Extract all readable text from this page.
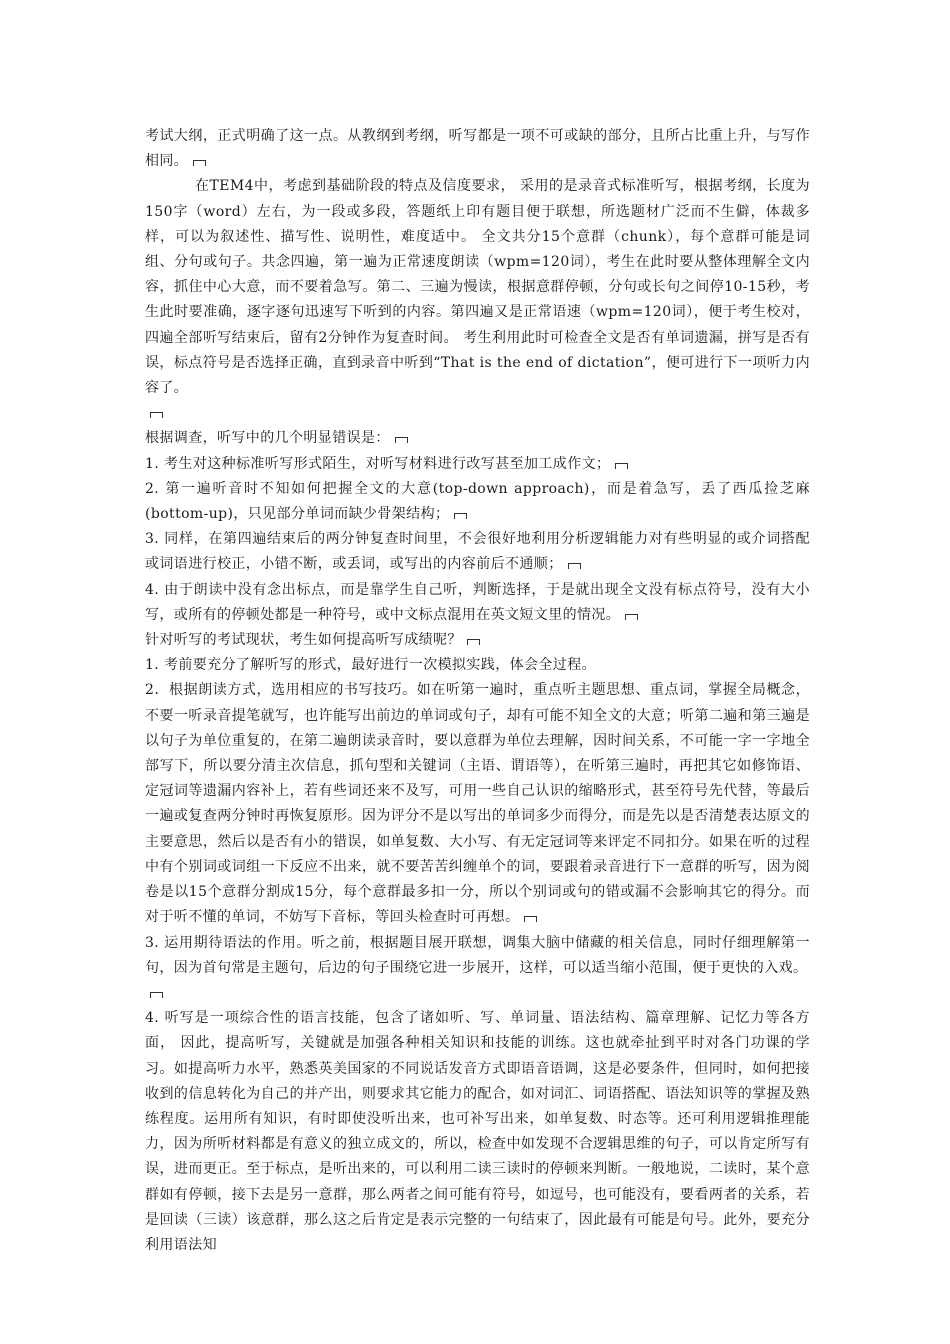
考试大纲，正式明确了这一点。从教纲到考纲，听写都是一项不可或缺的部分，且所占比重上升，与写作相同。

在TEM4中，考虑到基础阶段的特点及信度要求， 采用的是录音式标准听写，根据考纲，长度为150字（word）左右，为一段或多段，答题纸上印有题目便于联想，所选题材广泛而不生僻，体裁多样，可以为叙述性、描写性、说明性，难度适中。 全文共分15个意群（chunk），每个意群可能是词组、分句或句子。共念四遍，第一遍为正常速度朗读（wpm=120词），考生在此时要从整体理解全文内容，抓住中心大意，而不要着急写。第二、三遍为慢读，根据意群停顿，分句或长句之间停10-15秒，考生此时要准确，逐字逐句迅速写下听到的内容。第四遍又是正常语速（wpm=120词），便于考生校对，四遍全部听写结束后，留有2分钟作为复查时间。 考生利用此时可检查全文是否有单词遗漏，拼写是否有误，标点符号是否选择正确，直到录音中听到“That is the end of dictation”，便可进行下一项听力内容了。

根据调查，听写中的几个明显错误是：

1. 考生对这种标准听写形式陌生，对听写材料进行改写甚至加工成作文；

2. 第一遍听音时不知如何把握全文的大意(top-down approach)，而是着急写，丢了西瓜捡芝麻(bottom-up)，只见部分单词而缺少骨架结构；

3. 同样，在第四遍结束后的两分钟复查时间里，不会很好地利用分析逻辑能力对有些明显的或介词搭配或词语进行校正，小错不断，或丢词，或写出的内容前后不通顺；

4. 由于朗读中没有念出标点，而是靠学生自己听，判断选择，于是就出现全文没有标点符号，没有大小写，或所有的停顿处都是一种符号，或中文标点混用在英文短文里的情况。

针对听写的考试现状，考生如何提高听写成绩呢？

1. 考前要充分了解听写的形式，最好进行一次模拟实践，体会全过程。

2．根据朗读方式，选用相应的书写技巧。如在听第一遍时，重点听主题思想、重点词，掌握全局概念，不要一听录音提笔就写，也许能写出前边的单词或句子，却有可能不知全文的大意；听第二遍和第三遍是以句子为单位重复的，在第二遍朗读录音时，要以意群为单位去理解，因时间关系，不可能一字一字地全部写下，所以要分清主次信息，抓句型和关键词（主语、谓语等），在听第三遍时，再把其它如修饰语、定冠词等遗漏内容补上，若有些词还来不及写，可用一些自己认识的缩略形式，甚至符号先代替，等最后一遍或复查两分钟时再恢复原形。因为评分不是以写出的单词多少而得分，而是先以是否清楚表达原文的主要意思，然后以是否有小的错误，如单复数、大小写、有无定冠词等来评定不同扣分。如果在听的过程中有个别词或词组一下反应不出来，就不要苦苦纠缠单个的词，要跟着录音进行下一意群的听写，因为阅卷是以15个意群分割成15分，每个意群最多扣一分，所以个别词或句的错或漏不会影响其它的得分。而对于听不懂的单词，不妨写下音标，等回头检查时可再想。

3. 运用期待语法的作用。听之前，根据题目展开联想，调集大脑中储藏的相关信息，同时仔细理解第一句，因为首句常是主题句，后边的句子围绕它进一步展开，这样，可以适当缩小范围，便于更快的入戏。

4. 听写是一项综合性的语言技能，包含了诸如听、写、单词量、语法结构、篇章理解、记忆力等各方面， 因此，提高听写，关键就是加强各种相关知识和技能的训练。这也就牵扯到平时对各门功课的学习。如提高听力水平，熟悉英美国家的不同说话发音方式即语音语调，这是必要条件，但同时，如何把接收到的信息转化为自己的并产出，则要求其它能力的配合，如对词汇、词语搭配、语法知识等的掌握及熟练程度。运用所有知识，有时即使没听出来，也可补写出来，如单复数、时态等。还可利用逻辑推理能力，因为所听材料都是有意义的独立成文的，所以，检查中如发现不合逻辑思维的句子，可以肯定所写有误，进而更正。至于标点，是听出来的，可以利用二读三读时的停顿来判断。一般地说，二读时，某个意群如有停顿，接下去是另一意群，那么两者之间可能有符号，如逗号，也可能没有，要看两者的关系，若是回读（三读）该意群，那么这之后肯定是表示完整的一句结束了，因此最有可能是句号。此外，要充分利用语法知
